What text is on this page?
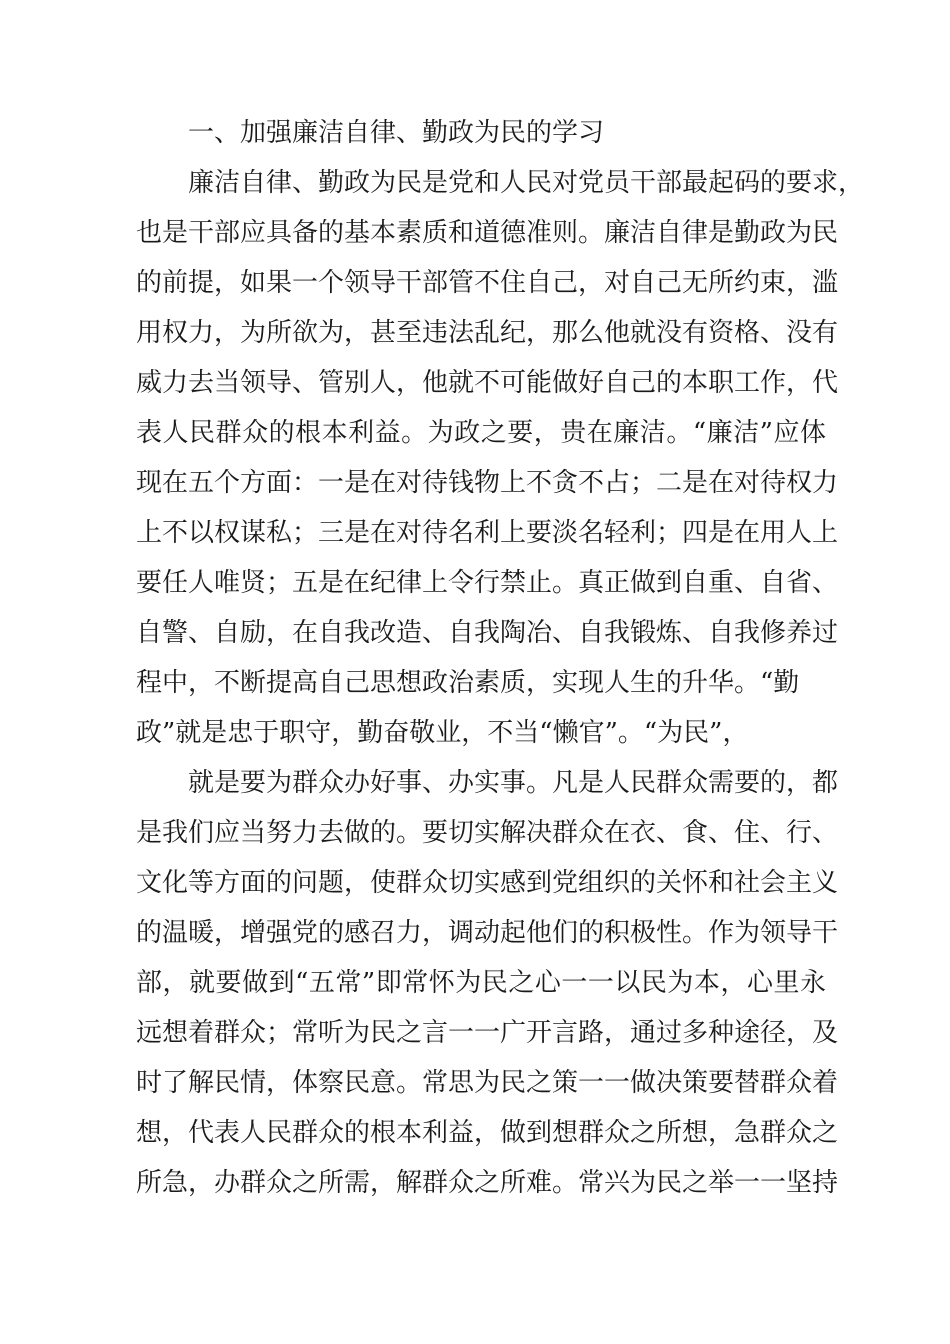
一、加强廉洁自律、勤政为民的学习
廉洁自律、勤政为民是党和人民对党员干部最起码的要求，
也是干部应具备的基本素质和道德准则。廉洁自律是勤政为民
的前提，如果一个领导干部管不住自己，对自己无所约束，滥
用权力，为所欲为，甚至违法乱纪，那么他就没有资格、没有
威力去当领导、管别人，他就不可能做好自己的本职工作，代
表人民群众的根本利益。为政之要，贵在廉洁。“廉洁”应体
现在五个方面：一是在对待钱物上不贪不占；二是在对待权力
上不以权谋私；三是在对待名利上要淡名轻利；四是在用人上
要任人唯贤；五是在纪律上令行禁止。真正做到自重、自省、
自警、自励，在自我改造、自我陶冶、自我锻炼、自我修养过
程中，不断提高自己思想政治素质，实现人生的升华。“勤
政”就是忠于职守，勤奋敬业，不当“懒官”。“为民”，
就是要为群众办好事、办实事。凡是人民群众需要的，都
是我们应当努力去做的。要切实解决群众在衣、食、住、行、
文化等方面的问题，使群众切实感到党组织的关怀和社会主义
的温暖，增强党的感召力，调动起他们的积极性。作为领导干
部，就要做到“五常”即常怀为民之心一一以民为本，心里永
远想着群众；常听为民之言一一广开言路，通过多种途径，及
时了解民情，体察民意。常思为民之策一一做决策要替群众着
想，代表人民群众的根本利益，做到想群众之所想，急群众之
所急，办群众之所需，解群众之所难。常兴为民之举一一坚持
